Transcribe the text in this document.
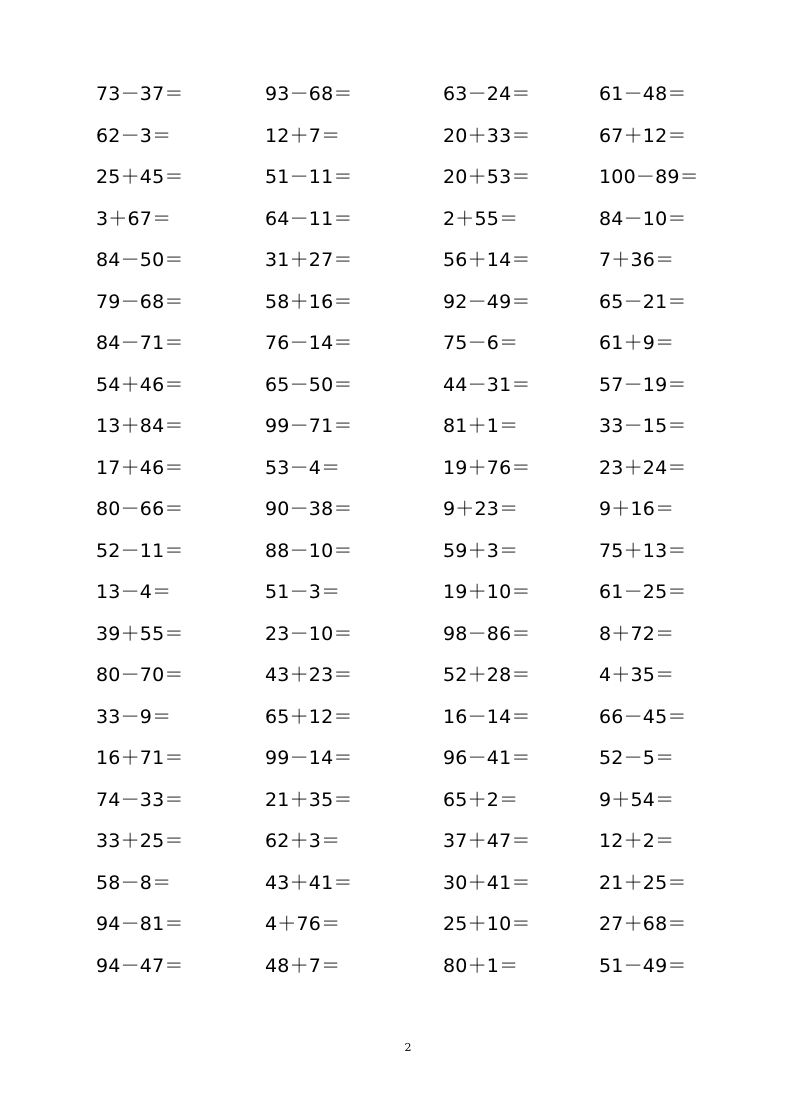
73－37＝	93－68＝	63－24＝	61－48＝
62－3＝	12＋7＝	20＋33＝	67＋12＝
25＋45＝	51－11＝	20＋53＝	100－89＝
3＋67＝	64－11＝	2＋55＝	84－10＝
84－50＝	31＋27＝	56＋14＝	7＋36＝
79－68＝	58＋16＝	92－49＝	65－21＝
84－71＝	76－14＝	75－6＝	61＋9＝
54＋46＝	65－50＝	44－31＝	57－19＝
13＋84＝	99－71＝	81＋1＝	33－15＝
17＋46＝	53－4＝	19＋76＝	23＋24＝
80－66＝	90－38＝	9＋23＝	9＋16＝
52－11＝	88－10＝	59＋3＝	75＋13＝
13－4＝	51－3＝	19＋10＝	61－25＝
39＋55＝	23－10＝	98－86＝	8＋72＝
80－70＝	43＋23＝	52＋28＝	4＋35＝
33－9＝	65＋12＝	16－14＝	66－45＝
16＋71＝	99－14＝	96－41＝	52－5＝
74－33＝	21＋35＝	65＋2＝	9＋54＝
33＋25＝	62＋3＝	37＋47＝	12＋2＝
58－8＝	43＋41＝	30＋41＝	21＋25＝
94－81＝	4＋76＝	25＋10＝	27＋68＝
94－47＝	48＋7＝	80＋1＝	51－49＝
2
